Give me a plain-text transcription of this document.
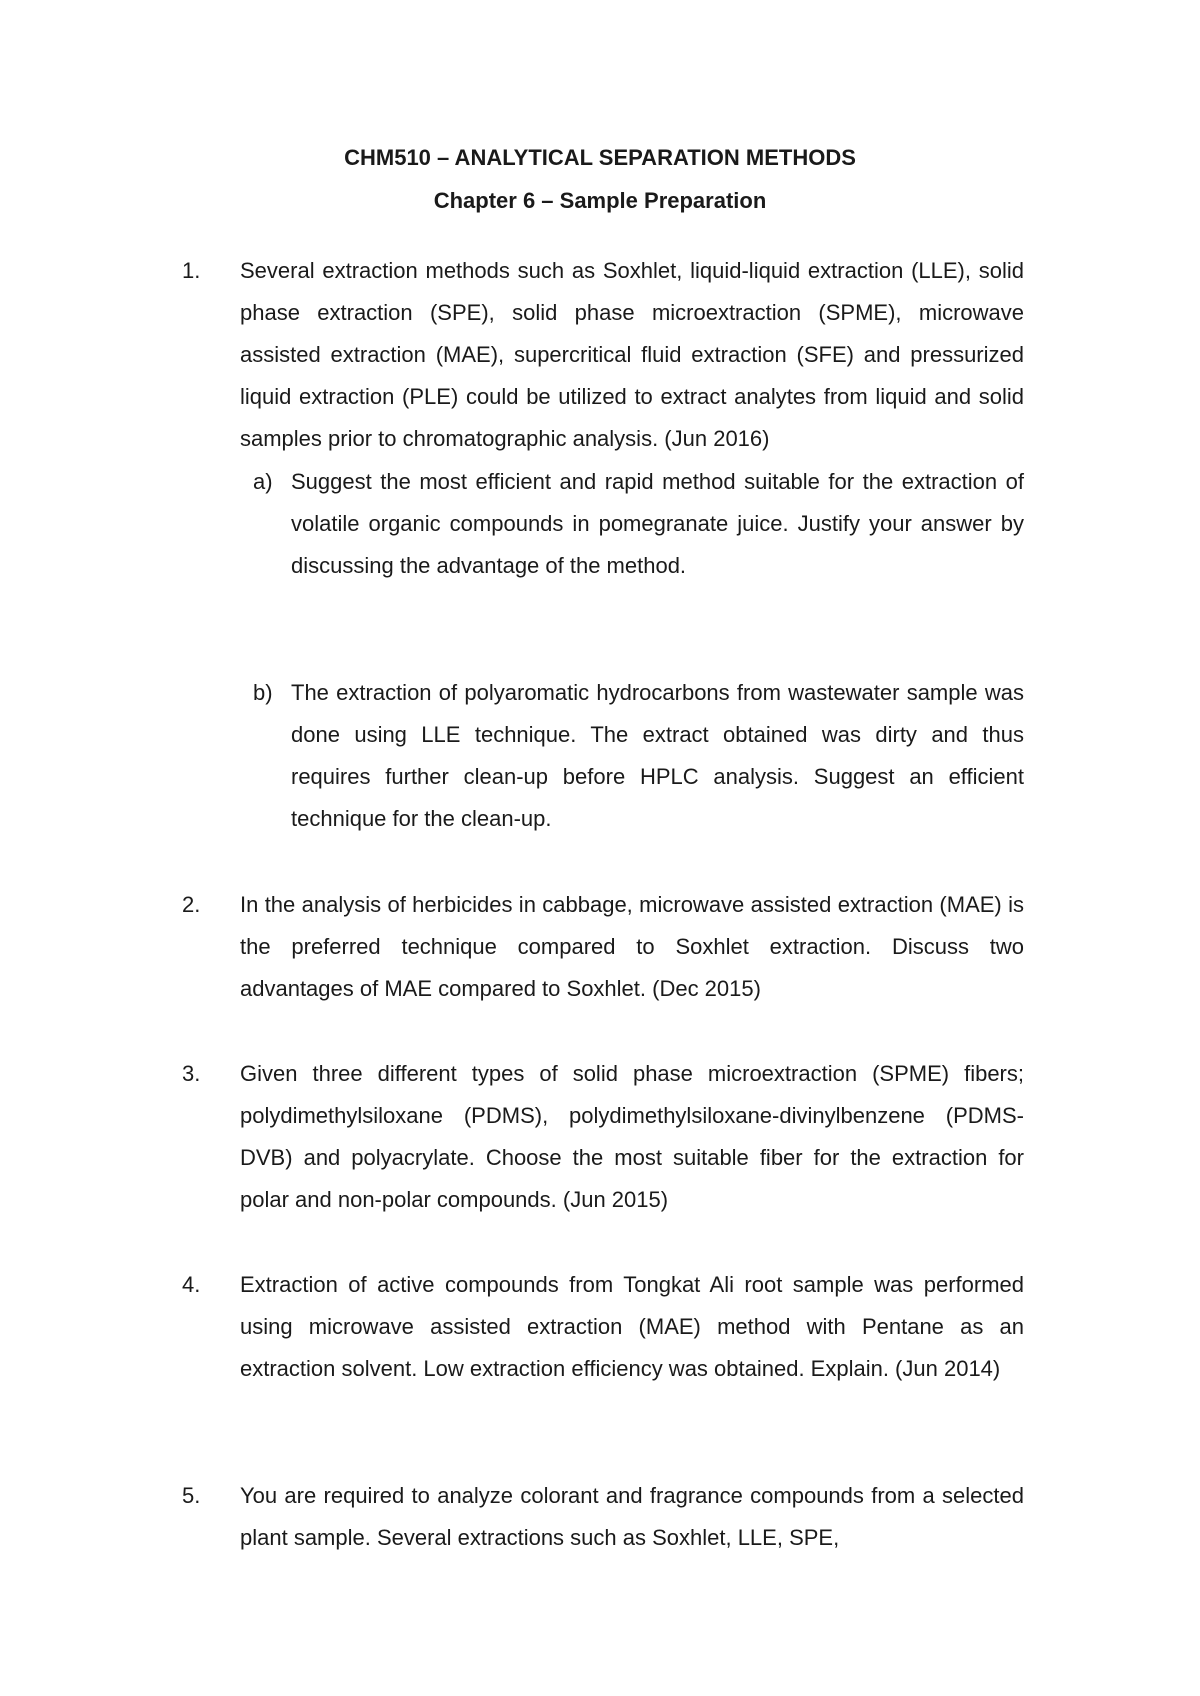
CHM510 – ANALYTICAL SEPARATION METHODS
Chapter 6 – Sample Preparation
1. Several extraction methods such as Soxhlet, liquid-liquid extraction (LLE), solid phase extraction (SPE), solid phase microextraction (SPME), microwave assisted extraction (MAE), supercritical fluid extraction (SFE) and pressurized liquid extraction (PLE) could be utilized to extract analytes from liquid and solid samples prior to chromatographic analysis. (Jun 2016)

a) Suggest the most efficient and rapid method suitable for the extraction of volatile organic compounds in pomegranate juice. Justify your answer by discussing the advantage of the method.

b) The extraction of polyaromatic hydrocarbons from wastewater sample was done using LLE technique. The extract obtained was dirty and thus requires further clean-up before HPLC analysis. Suggest an efficient technique for the clean-up.

2. In the analysis of herbicides in cabbage, microwave assisted extraction (MAE) is the preferred technique compared to Soxhlet extraction. Discuss two advantages of MAE compared to Soxhlet. (Dec 2015)

3. Given three different types of solid phase microextraction (SPME) fibers; polydimethylsiloxane (PDMS), polydimethylsiloxane-divinylbenzene (PDMS-DVB) and polyacrylate. Choose the most suitable fiber for the extraction for polar and non-polar compounds. (Jun 2015)

4. Extraction of active compounds from Tongkat Ali root sample was performed using microwave assisted extraction (MAE) method with Pentane as an extraction solvent. Low extraction efficiency was obtained. Explain. (Jun 2014)

5. You are required to analyze colorant and fragrance compounds from a selected plant sample. Several extractions such as Soxhlet, LLE, SPE,
